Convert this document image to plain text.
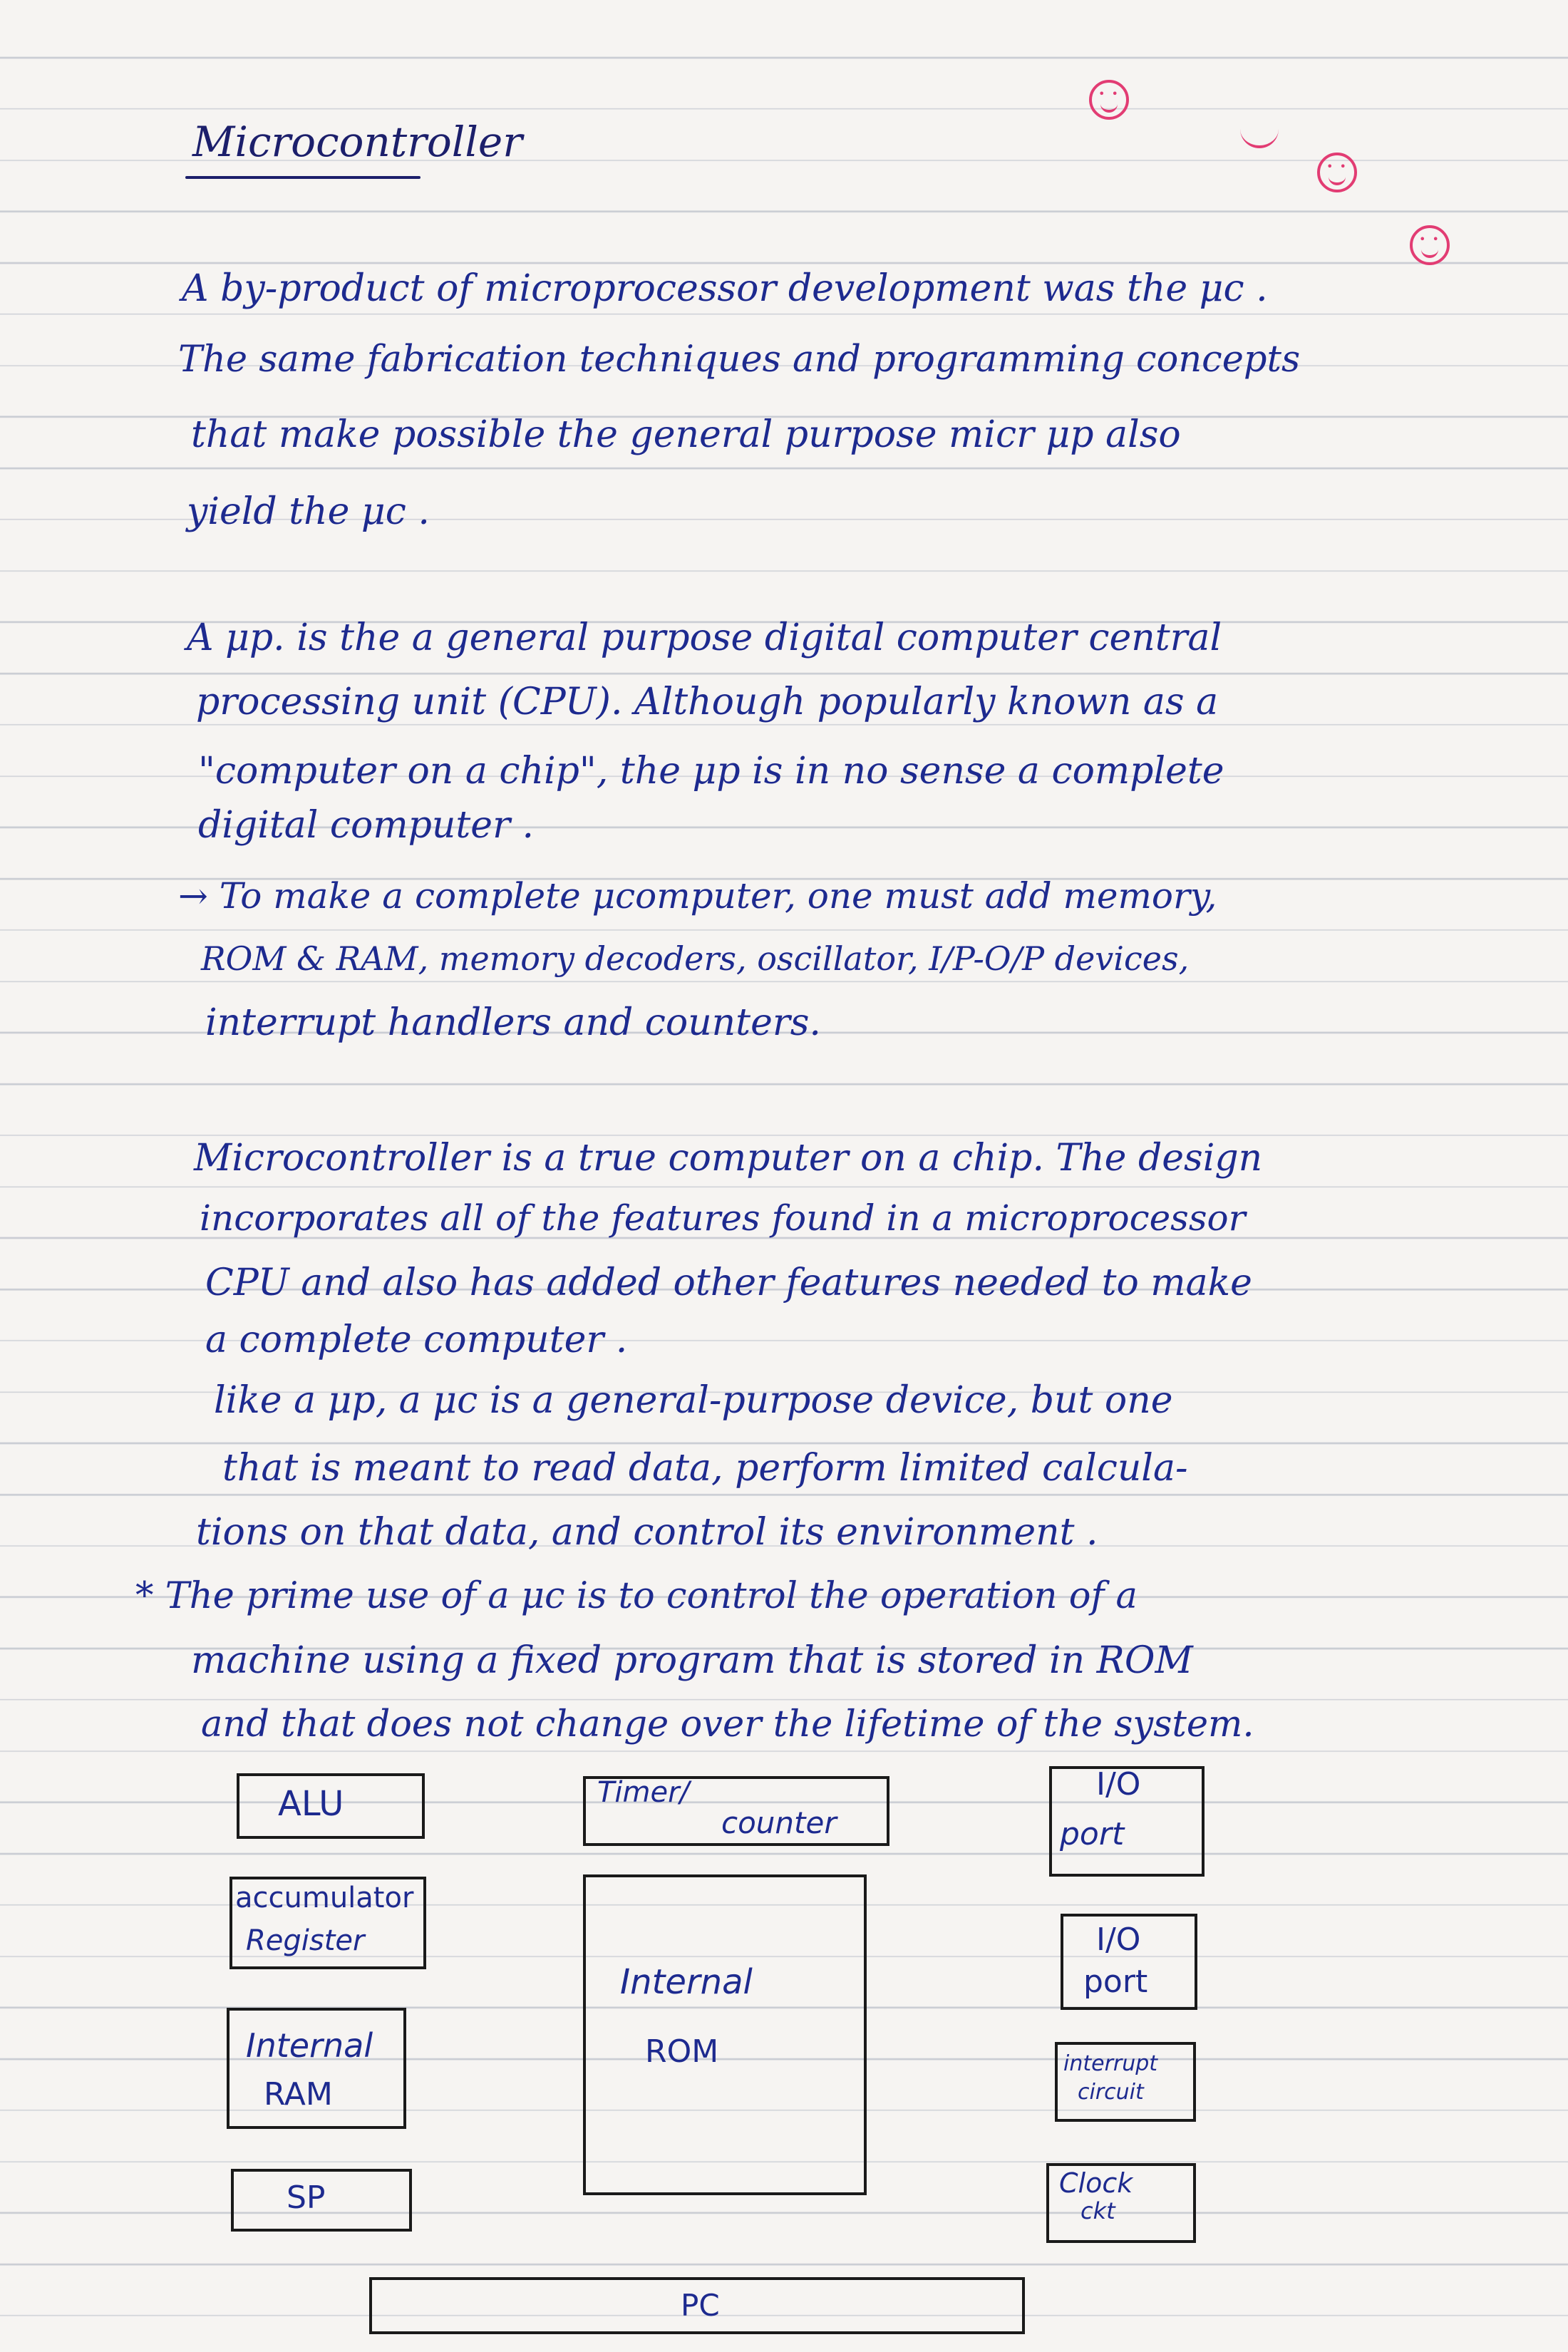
• •
• •
• •
Microcontroller
A by-product of microprocessor development was the μc .
The same fabrication techniques and programming concepts
that make possible the general purpose micr μp also
yield the μc .
A μp. is the a general purpose digital computer central
processing unit (CPU). Although popularly known as a
"computer on a chip", the μp is in no sense a complete
digital computer .
→ To make a complete μcomputer, one must add memory,
ROM & RAM, memory decoders, oscillator, I/P-O/P devices,
interrupt handlers and counters.
Microcontroller is a true computer on a chip. The design
incorporates all of the features found in a microprocessor
CPU and also has added other features needed to make
a complete computer .
like a μp, a μc is a general-purpose device, but one
that is meant to read data, perform limited calcula-
tions on that data, and control its environment .
* The prime use of a μc is to control the operation of a
machine using a fixed program that is stored in ROM
and that does not change over the lifetime of the system.
ALU
accumulator
Register
Internal
RAM
SP
Timer/
counter
Internal
ROM
I/O
port
I/O
port
interrupt
circuit
Clock
ckt
PC
